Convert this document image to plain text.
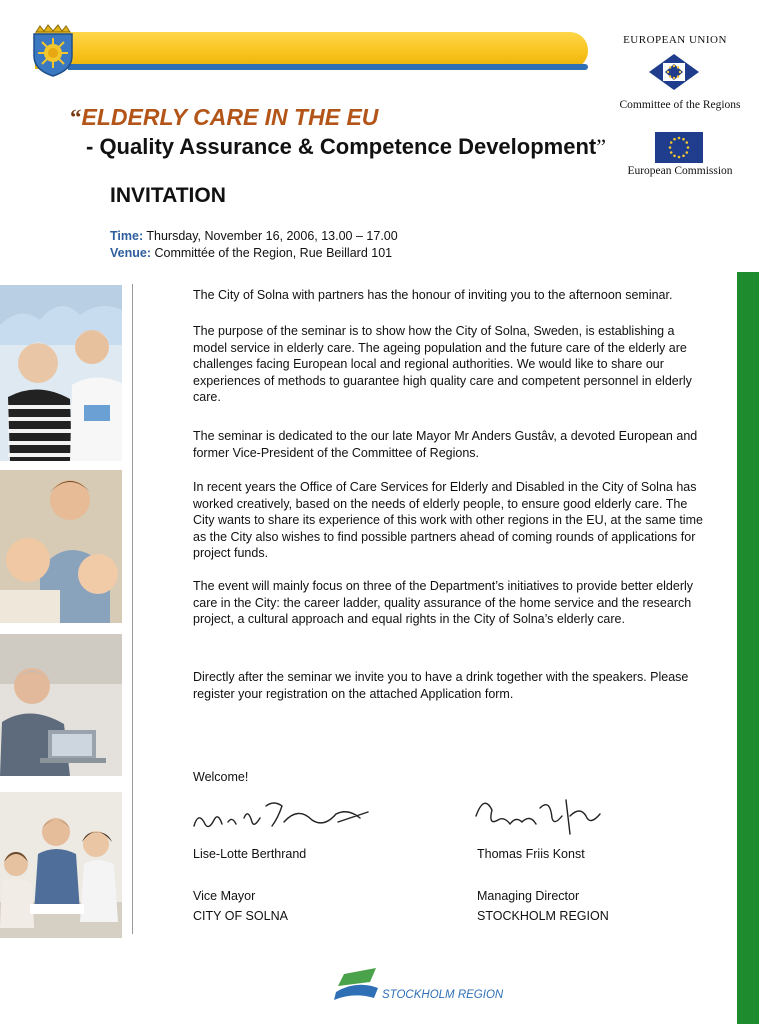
EUROPEAN UNION
Committee of the Regions
European Commission
“ELDERLY CARE IN THE EU
- Quality Assurance & Competence Development”
INVITATION
Time: Thursday, November 16, 2006, 13.00 – 17.00
Venue: Committée of the Region, Rue Beillard 101
The City of Solna with partners has the honour of inviting you to the afternoon seminar.
The purpose of the seminar is to show how the City of Solna, Sweden, is establishing a model service in elderly care. The ageing population and the future care of the elderly are challenges facing European local and regional authorities. We would like to share our experiences of methods to guarantee high quality care and competent personnel in elderly care.
The seminar is dedicated to the our late Mayor Mr Anders Gustâv, a devoted European and former Vice-President of the Committee of Regions.
In recent years the Office of Care Services for Elderly and Disabled in the City of Solna has worked creatively, based on the needs of elderly people, to ensure good elderly care. The City wants to share its experience of this work with other regions in the EU, at the same time as the City also wishes to find possible partners ahead of coming rounds of applications for project funds.
The event will mainly focus on three of the Department’s initiatives to provide better elderly care in the City: the career ladder, quality assurance of the home service and the research project, a cultural approach and equal rights in the City of Solna’s elderly care.
Directly after the seminar we invite you to have a drink together with the speakers. Please register your registration on the attached Application form.
Welcome!
Lise-Lotte Berthrand
Vice Mayor
CITY OF SOLNA
Thomas Friis Konst
Managing Director
STOCKHOLM REGION
STOCKHOLM REGION
